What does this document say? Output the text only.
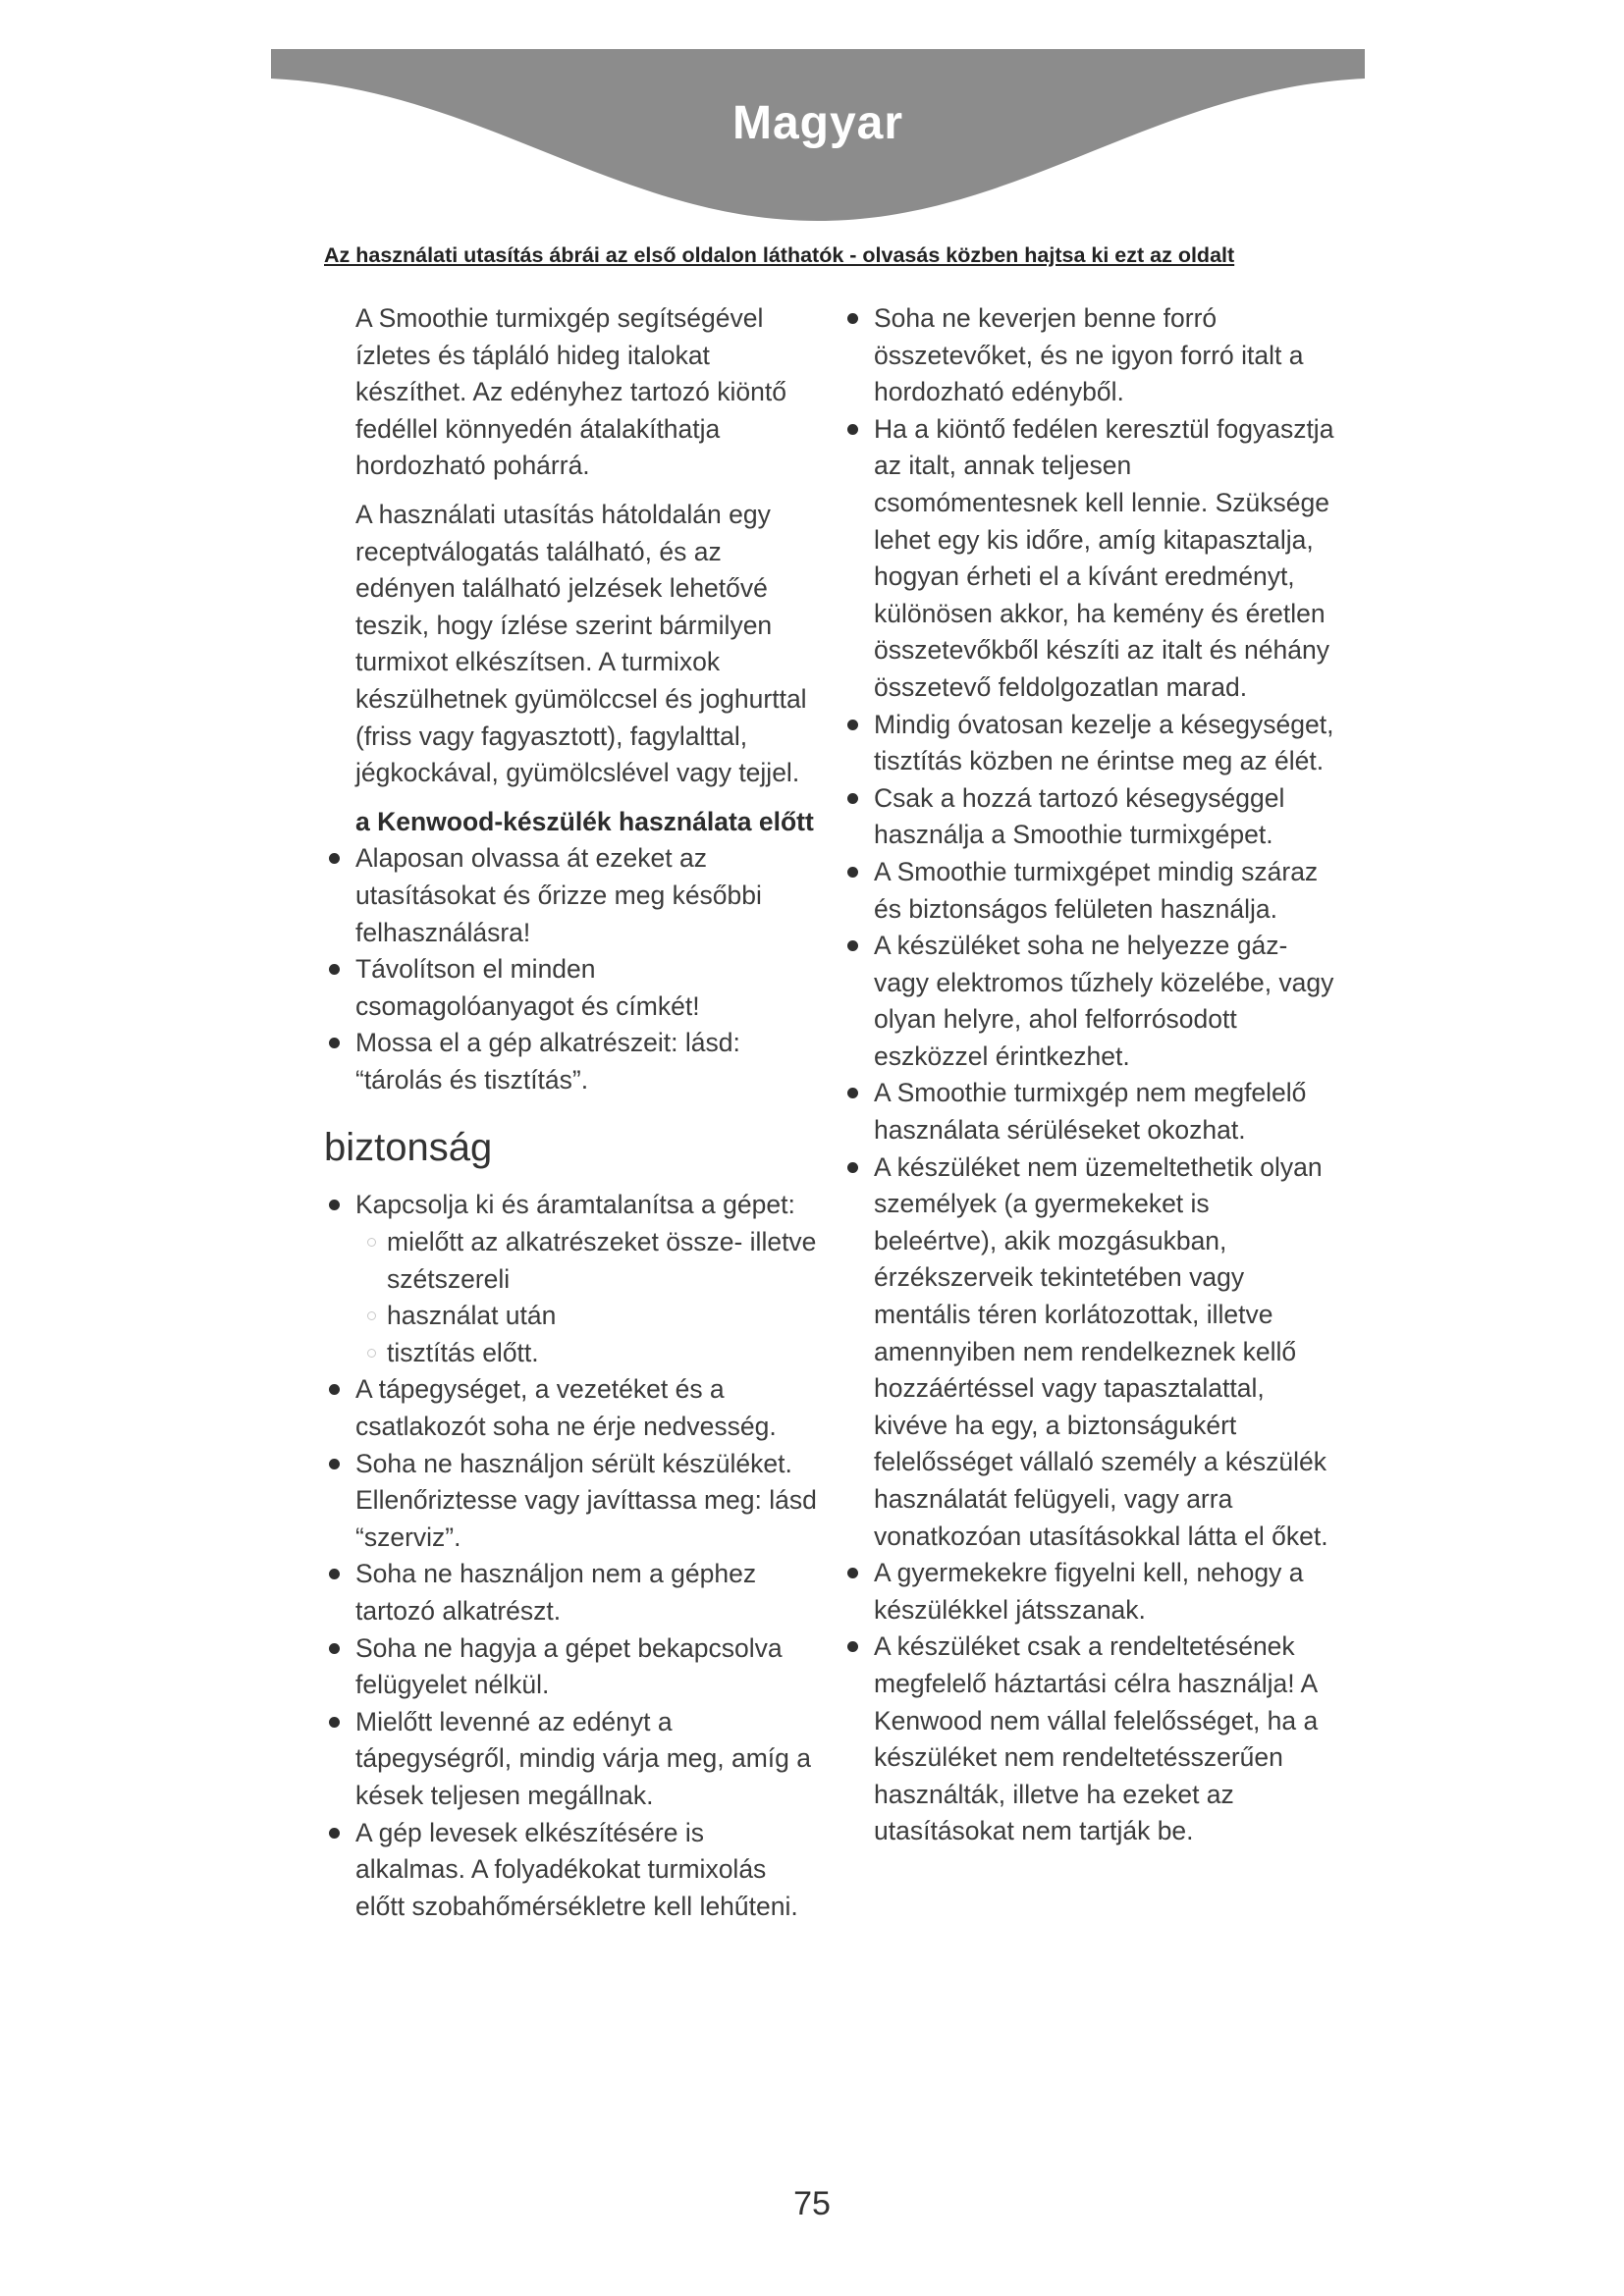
Magyar
Az használati utasítás ábrái az első oldalon láthatók - olvasás közben hajtsa ki ezt az oldalt

A Smoothie turmixgép segítségével ízletes és tápláló hideg italokat készíthet. Az edényhez tartozó kiöntő fedéllel könnyedén átalakíthatja hordozható pohárrá.

A használati utasítás hátoldalán egy receptválogatás található, és az edényen található jelzések lehetővé teszik, hogy ízlése szerint bármilyen turmixot elkészítsen. A turmixok készülhetnek gyümölccsel és joghurttal (friss vagy fagyasztott), fagylalttal, jégkockával, gyümölcslével vagy tejjel.

a Kenwood-készülék használata előtt

Alaposan olvassa át ezeket az utasításokat és őrizze meg későbbi felhasználásra!
Távolítson el minden csomagolóanyagot és címkét!
Mossa el a gép alkatrészeit: lásd: “tárolás és tisztítás”.
biztonság
Kapcsolja ki és áramtalanítsa a gépet:
mielőtt az alkatrészeket össze- illetve szétszereli
használat után
tisztítás előtt.
A tápegységet, a vezetéket és a csatlakozót soha ne érje nedvesség.
Soha ne használjon sérült készüléket. Ellenőriztesse vagy javíttassa meg: lásd “szerviz”.
Soha ne használjon nem a géphez tartozó alkatrészt.
Soha ne hagyja a gépet bekapcsolva felügyelet nélkül.
Mielőtt levenné az edényt a tápegységről, mindig várja meg, amíg a kések teljesen megállnak.
A gép levesek elkészítésére is alkalmas. A folyadékokat turmixolás előtt szobahőmérsékletre kell lehűteni.
Soha ne keverjen benne forró összetevőket, és ne igyon forró italt a hordozható edényből.
Ha a kiöntő fedélen keresztül fogyasztja az italt, annak teljesen csomómentesnek kell lennie. Szüksége lehet egy kis időre, amíg kitapasztalja, hogyan érheti el a kívánt eredményt, különösen akkor, ha kemény és éretlen összetevőkből készíti az italt és néhány összetevő feldolgozatlan marad.
Mindig óvatosan kezelje a késegységet, tisztítás közben ne érintse meg az élét.
Csak a hozzá tartozó késegységgel használja a Smoothie turmixgépet.
A Smoothie turmixgépet mindig száraz és biztonságos felületen használja.
A készüléket soha ne helyezze gáz- vagy elektromos tűzhely közelébe, vagy olyan helyre, ahol felforrósodott eszközzel érintkezhet.
A Smoothie turmixgép nem megfelelő használata sérüléseket okozhat.
A készüléket nem üzemeltethetik olyan személyek (a gyermekeket is beleértve), akik mozgásukban, érzékszerveik tekintetében vagy mentális téren korlátozottak, illetve amennyiben nem rendelkeznek kellő hozzáértéssel vagy tapasztalattal, kivéve ha egy, a biztonságukért felelősséget vállaló személy a készülék használatát felügyeli, vagy arra vonatkozóan utasításokkal látta el őket.
A gyermekekre figyelni kell, nehogy a készülékkel játsszanak.
A készüléket csak a rendeltetésének megfelelő háztartási célra használja! A Kenwood nem vállal felelősséget, ha a készüléket nem rendeltetésszerűen használták, illetve ha ezeket az utasításokat nem tartják be.
75
